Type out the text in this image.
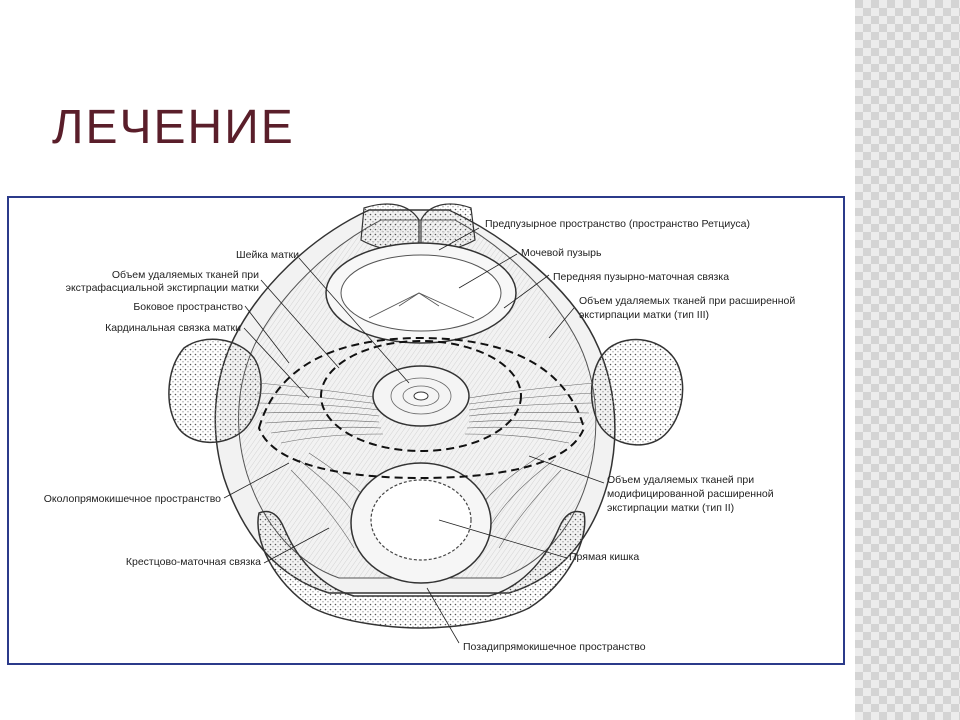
ЛЕЧЕНИЕ
Предпузырное пространство (пространство Ретциуса)
Мочевой пузырь
Передняя пузырно-маточная связка
Объем удаляемых тканей при расширенной
экстирпации матки (тип III)
Шейка матки
Объем удаляемых тканей при
экстрафасциальной экстирпации матки
Боковое пространство
Кардинальная связка матки
Околопрямокишечное пространство
Объем удаляемых тканей при
модифицированной расширенной
экстирпации матки (тип II)
Прямая кишка
Крестцово-маточная связка
Позадипрямокишечное пространство
